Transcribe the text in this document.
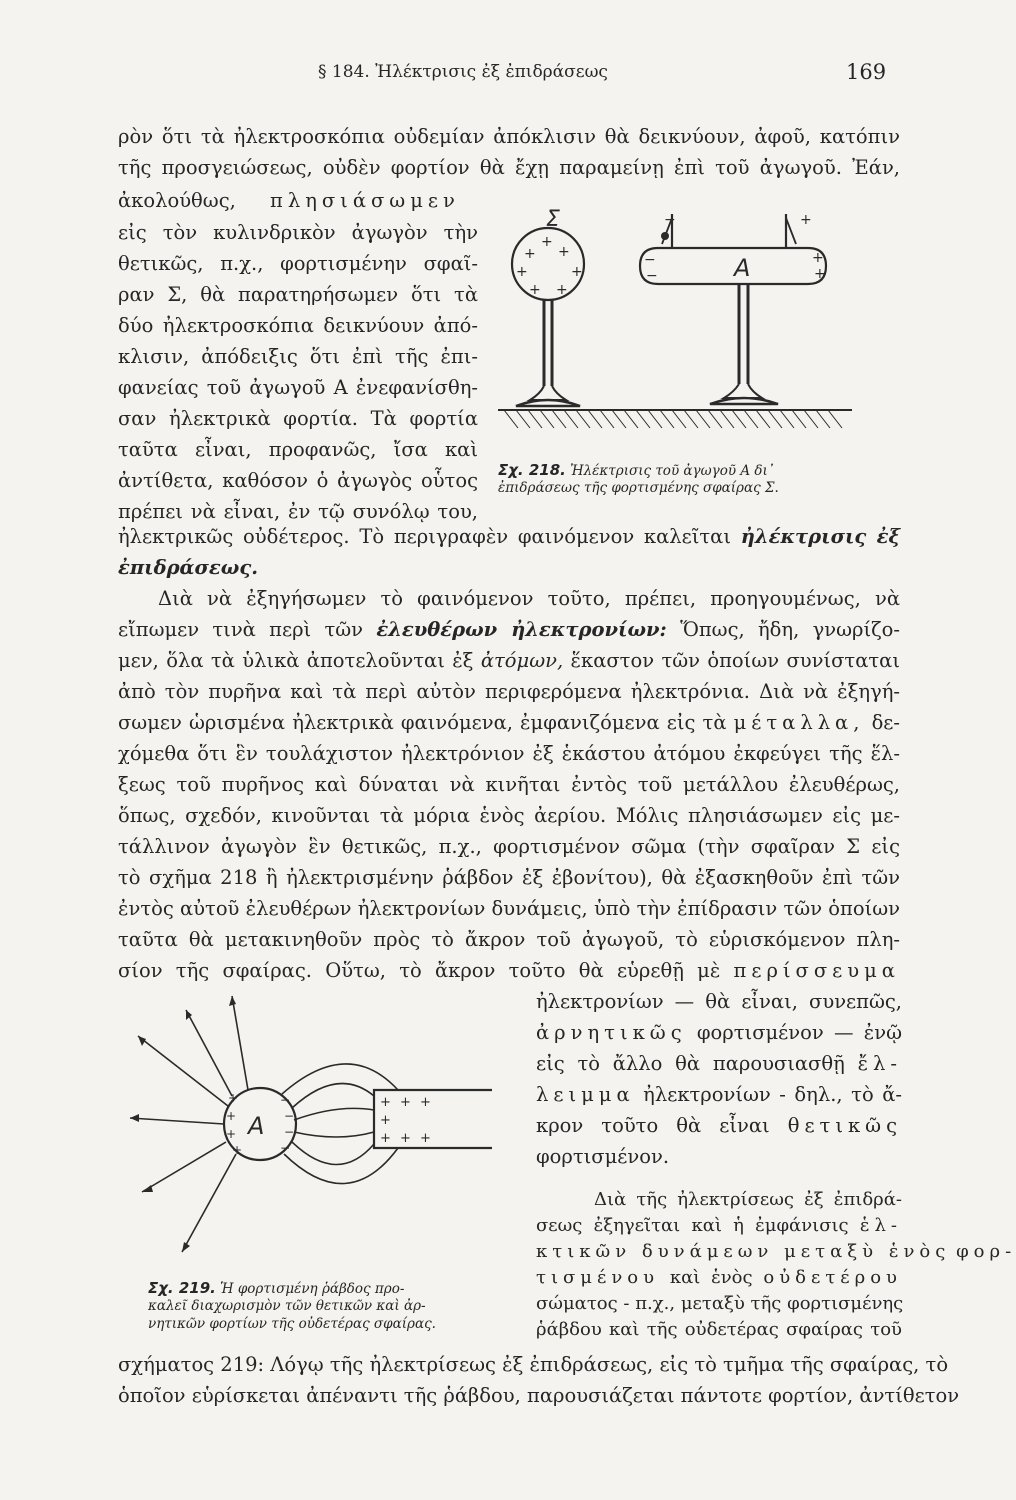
§ 184. Ἠλέκτρισις ἐξ ἐπιδράσεως	169
ρὸν ὅτι τὰ ἠλεκτροσκόπια οὐδεμίαν ἀπόκλισιν θὰ δεικνύουν, ἀφοῦ, κατόπιν
τῆς προσγειώσεως, οὐδὲν φορτίον θὰ ἔχῃ παραμείνῃ ἐπὶ τοῦ ἀγωγοῦ. Ἐάν,
ἀκολούθως, πλησιάσωμεν
εἰς τὸν κυλινδρικὸν ἀγωγὸν τὴν
θετικῶς, π.χ., φορτισμένην σφαῖ-
ραν Σ, θὰ παρατηρήσωμεν ὅτι τὰ
δύο ἠλεκτροσκόπια δεικνύουν ἀπό-
κλισιν, ἀπόδειξις ὅτι ἐπὶ τῆς ἐπι-
φανείας τοῦ ἀγωγοῦ Α ἐνεφανίσθη-
σαν ἠλεκτρικὰ φορτία. Τὰ φορτία
ταῦτα εἶναι, προφανῶς, ἴσα καὶ
ἀντίθετα, καθόσον ὁ ἀγωγὸς οὗτος
πρέπει νὰ εἶναι, ἐν τῷ συνόλῳ του,
Σ
Α
+
+ +
+	+
+ +
−
−
+
+
−	+
Σχ. 218. Ἠλέκτρισις τοῦ ἀγωγοῦ Α δι᾿
ἐπιδράσεως τῆς φορτισμένης σφαίρας Σ.
ἠλεκτρικῶς οὐδέτερος. Τὸ περιγραφὲν φαινόμενον καλεῖται ἠλέκτρισις ἐξ
ἐπιδράσεως.
Διὰ νὰ ἐξηγήσωμεν τὸ φαινόμενον τοῦτο, πρέπει, προηγουμένως, νὰ
εἴπωμεν τινὰ περὶ τῶν ἐλευθέρων ἠλεκτρονίων: Ὅπως, ἤδη, γνωρίζο-
μεν, ὅλα τὰ ὑλικὰ ἀποτελοῦνται ἐξ ἀτόμων, ἕκαστον τῶν ὁποίων συνίσταται
ἀπὸ τὸν πυρῆνα καὶ τὰ περὶ αὐτὸν περιφερόμενα ἠλεκτρόνια. Διὰ νὰ ἐξηγή-
σωμεν ὡρισμένα ἠλεκτρικὰ φαινόμενα, ἐμφανιζόμενα εἰς τὰ μέταλλα, δε-
χόμεθα ὅτι ἓν τουλάχιστον ἠλεκτρόνιον ἐξ ἑκάστου ἀτόμου ἐκφεύγει τῆς ἕλ-
ξεως τοῦ πυρῆνος καὶ δύναται νὰ κινῆται ἐντὸς τοῦ μετάλλου ἐλευθέρως,
ὅπως, σχεδόν, κινοῦνται τὰ μόρια ἑνὸς ἀερίου. Μόλις πλησιάσωμεν εἰς με-
τάλλινον ἀγωγὸν ἓν θετικῶς, π.χ., φορτισμένον σῶμα (τὴν σφαῖραν Σ εἰς
τὸ σχῆμα 218 ἢ ἠλεκτρισμένην ῥάβδον ἐξ ἐβονίτου), θὰ ἐξασκηθοῦν ἐπὶ τῶν
ἐντὸς αὐτοῦ ἐλευθέρων ἠλεκτρονίων δυνάμεις, ὑπὸ τὴν ἐπίδρασιν τῶν ὁποίων
ταῦτα θὰ μετακινηθοῦν πρὸς τὸ ἄκρον τοῦ ἀγωγοῦ, τὸ εὑρισκόμενον πλη-
σίον τῆς σφαίρας. Οὕτω, τὸ ἄκρον τοῦτο θὰ εὑρεθῇ μὲ περίσσευμα
ἠλεκτρονίων — θὰ εἶναι, συνεπῶς,
ἀρνητικῶς φορτισμένον — ἐνῷ
εἰς τὸ ἄλλο θὰ παρουσιασθῇ ἔλ-
λειμμα ἠλεκτρονίων - δηλ., τὸ ἄ-
κρον τοῦτο θὰ εἶναι θετικῶς
φορτισμένον.
Διὰ τῆς ἠλεκτρίσεως ἐξ ἐπιδρά-
σεως ἐξηγεῖται καὶ ἡ ἐμφάνισις ἑλ-
κτικῶν δυνάμεων μεταξὺ ἑνὸς φορ-
τισμένου καὶ ἑνὸς οὐδετέρου
σώματος - π.χ., μεταξὺ τῆς φορτισμένης
ῥάβδου καὶ τῆς οὐδετέρας σφαίρας τοῦ
Α
+
+
+
+
−
−
−
−
+ + +
+
+ + +
Σχ. 219. Ἡ φορτισμένη ῥάβδος προ-
καλεῖ διαχωρισμὸν τῶν θετικῶν καὶ ἀρ-
νητικῶν φορτίων τῆς οὐδετέρας σφαίρας.
σχήματος 219: Λόγῳ τῆς ἠλεκτρίσεως ἐξ ἐπιδράσεως, εἰς τὸ τμῆμα τῆς σφαίρας, τὸ
ὁποῖον εὑρίσκεται ἀπέναντι τῆς ῥάβδου, παρουσιάζεται πάντοτε φορτίον, ἀντίθετον
